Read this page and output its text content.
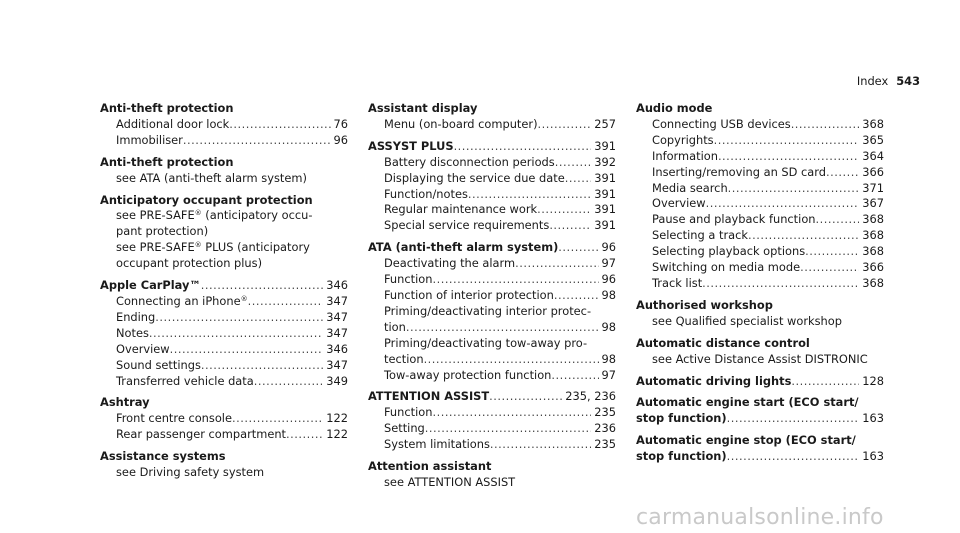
Index 543
Anti-theft protection
Additional door lock .....	76
Immobiliser .....	96
Anti-theft protection
see ATA (anti-theft alarm system)
Anticipatory occupant protection
see PRE-SAFE® (anticipatory occu-
pant protection)
see PRE-SAFE® PLUS (anticipatory
occupant protection plus)
Apple CarPlay™ .....	346
Connecting an iPhone® .....	347
Ending .....	347
Notes .....	347
Overview .....	346
Sound settings .....	347
Transferred vehicle data .....	349
Ashtray
Front centre console .....	122
Rear passenger compartment .....	122
Assistance systems
see Driving safety system
Assistant display
Menu (on-board computer) .....	257
ASSYST PLUS .....	391
Battery disconnection periods .....	392
Displaying the service due date .....	391
Function/notes .....	391
Regular maintenance work .....	391
Special service requirements .....	391
ATA (anti-theft alarm system) .....	96
Deactivating the alarm .....	97
Function .....	96
Function of interior protection .....	98
Priming/deactivating interior protec-
tion .....	98
Priming/deactivating tow-away pro-
tection .....	98
Tow-away protection function .....	97
ATTENTION ASSIST .....	235, 236
Function .....	235
Setting .....	236
System limitations .....	235
Attention assistant
see ATTENTION ASSIST
Audio mode
Connecting USB devices .....	368
Copyrights .....	365
Information .....	364
Inserting/removing an SD card .....	366
Media search .....	371
Overview .....	367
Pause and playback function .....	368
Selecting a track .....	368
Selecting playback options .....	368
Switching on media mode .....	366
Track list .....	368
Authorised workshop
see Qualified specialist workshop
Automatic distance control
see Active Distance Assist DISTRONIC
Automatic driving lights .....	128
Automatic engine start (ECO start/
stop function) .....	163
Automatic engine stop (ECO start/
stop function) .....	163
carmanualsonline.info
